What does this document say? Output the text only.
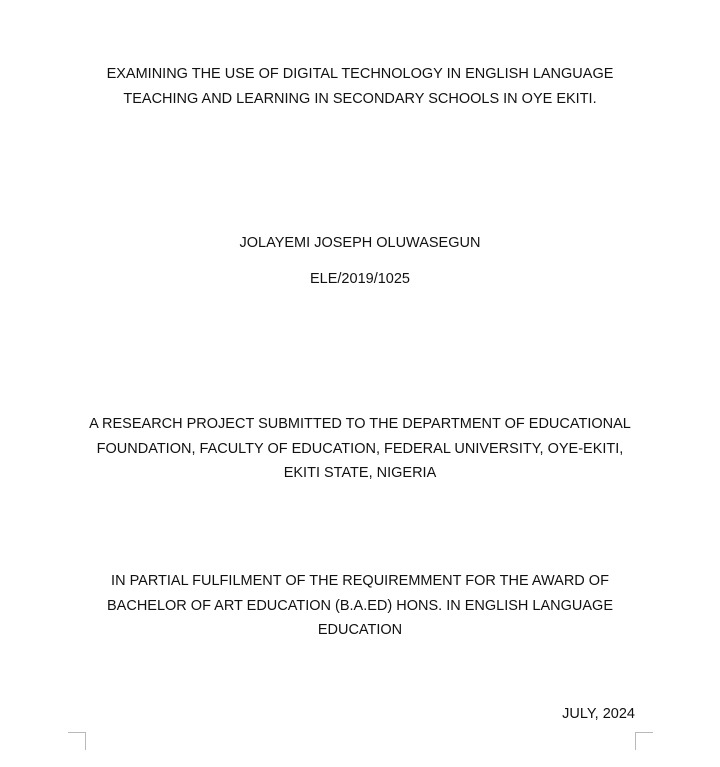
EXAMINING THE USE OF DIGITAL TECHNOLOGY IN ENGLISH LANGUAGE TEACHING AND LEARNING IN SECONDARY SCHOOLS IN OYE EKITI.
JOLAYEMI JOSEPH OLUWASEGUN
ELE/2019/1025
A RESEARCH PROJECT SUBMITTED TO THE DEPARTMENT OF EDUCATIONAL FOUNDATION, FACULTY OF EDUCATION, FEDERAL UNIVERSITY, OYE-EKITI, EKITI STATE, NIGERIA
IN PARTIAL FULFILMENT OF THE REQUIREMMENT FOR THE AWARD OF BACHELOR OF ART EDUCATION (B.A.ED) HONS. IN ENGLISH LANGUAGE EDUCATION
JULY, 2024
